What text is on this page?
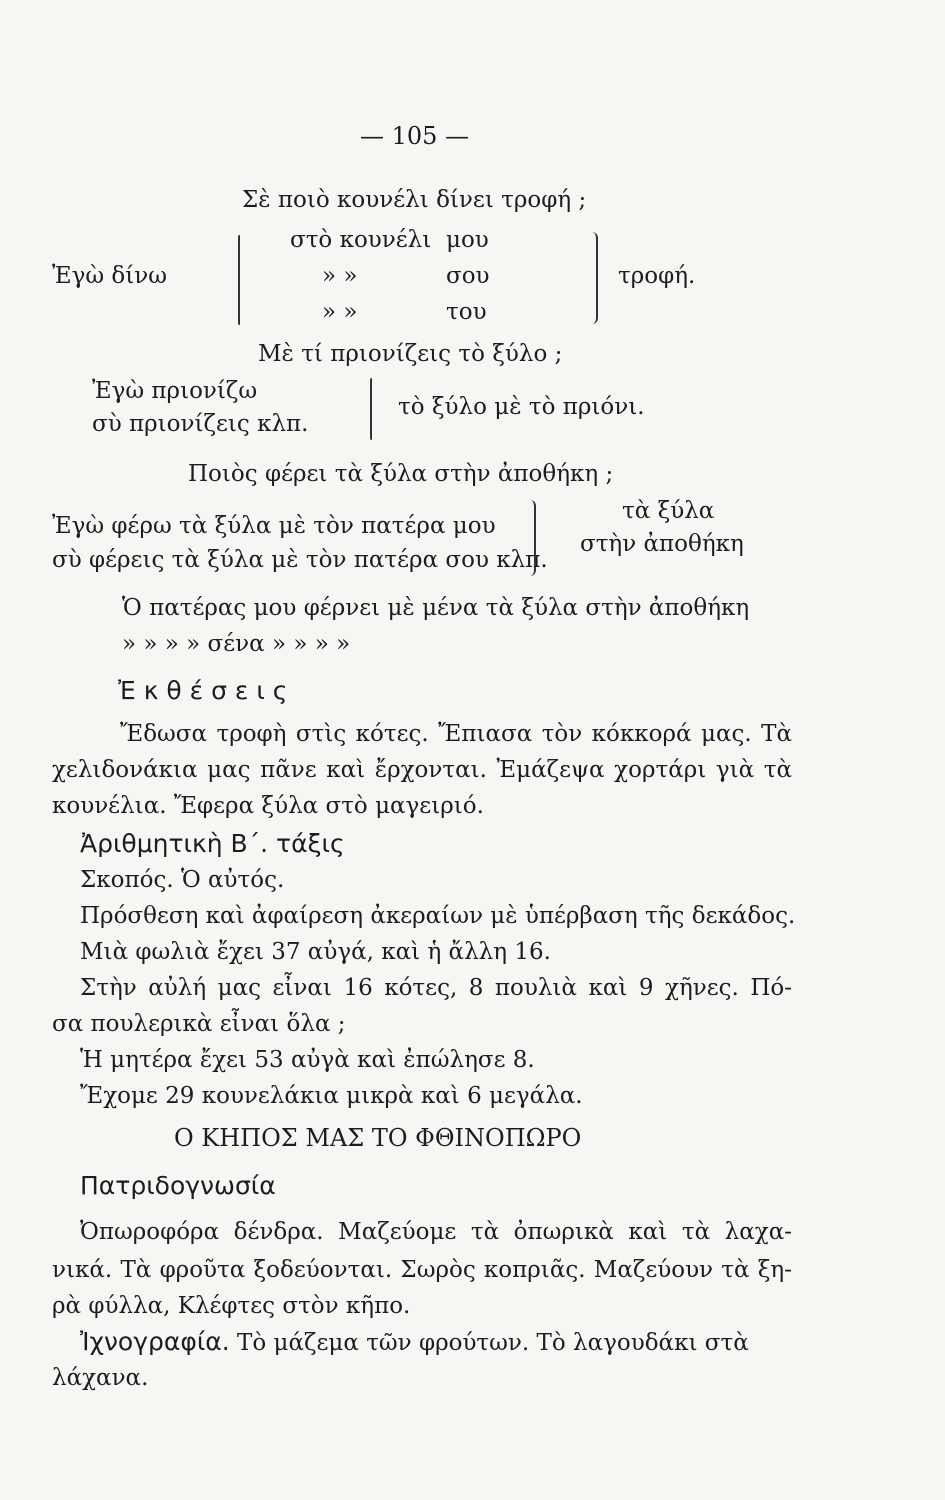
— 105 —
Σὲ ποιὸ κουνέλι δίνει τροφή ;
Ἐγὼ δίνω
στὸ κουνέλι μου
» »	σου
» »	του
τροφή.
Μὲ τί πριονίζεις τὸ ξύλο ;
Ἐγὼ πριονίζω
σὺ πριονίζεις κλπ.
τὸ ξύλο μὲ τὸ πριόνι.
Ποιὸς φέρει τὰ ξύλα στὴν ἀποθήκη ;
Ἐγὼ φέρω τὰ ξύλα μὲ τὸν πατέρα μου
σὺ φέρεις τὰ ξύλα μὲ τὸν πατέρα σου κλπ.
τὰ ξύλα
στὴν ἀποθήκη
Ὁ πατέρας μου φέρνει μὲ μένα τὰ ξύλα στὴν ἀποθήκη
» » » » σένα » » » »
Ἐ κ θ έ σ ε ι ς
Ἔδωσα τροφὴ στὶς κότες. Ἔπιασα τὸν κόκκορά μας. Τὰ
χελιδονάκια μας πᾶνε καὶ ἔρχονται. Ἐμάζεψα χορτάρι γιὰ τὰ
κουνέλια. Ἔφερα ξύλα στὸ μαγειριό.
Ἀριθμητικὴ Β΄. τάξις
Σκοπός. Ὁ αὐτός.
Πρόσθεση καὶ ἀφαίρεση ἀκεραίων μὲ ὑπέρβαση τῆς δεκάδος.
Μιὰ φωλιὰ ἔχει 37 αὐγά, καὶ ἡ ἄλλη 16.
Στὴν αὐλή μας εἶναι 16 κότες, 8 πουλιὰ καὶ 9 χῆνες. Πό-
σα πουλερικὰ εἶναι ὅλα ;
Ἡ μητέρα ἔχει 53 αὐγὰ καὶ ἐπώλησε 8.
Ἔχομε 29 κουνελάκια μικρὰ καὶ 6 μεγάλα.
Ο ΚΗΠΟΣ ΜΑΣ ΤΟ ΦΘΙΝΟΠΩΡΟ
Πατριδογνωσία
Ὀπωροφόρα δένδρα. Μαζεύομε τὰ ὀπωρικὰ καὶ τὰ λαχα-
νικά. Τὰ φροῦτα ξοδεύονται. Σωρὸς κοπριᾶς. Μαζεύουν τὰ ξη-
ρὰ φύλλα, Κλέφτες στὸν κῆπο.
Ἰχνογραφία. Τὸ μάζεμα τῶν φρούτων. Τὸ λαγουδάκι στὰ
λάχανα.
